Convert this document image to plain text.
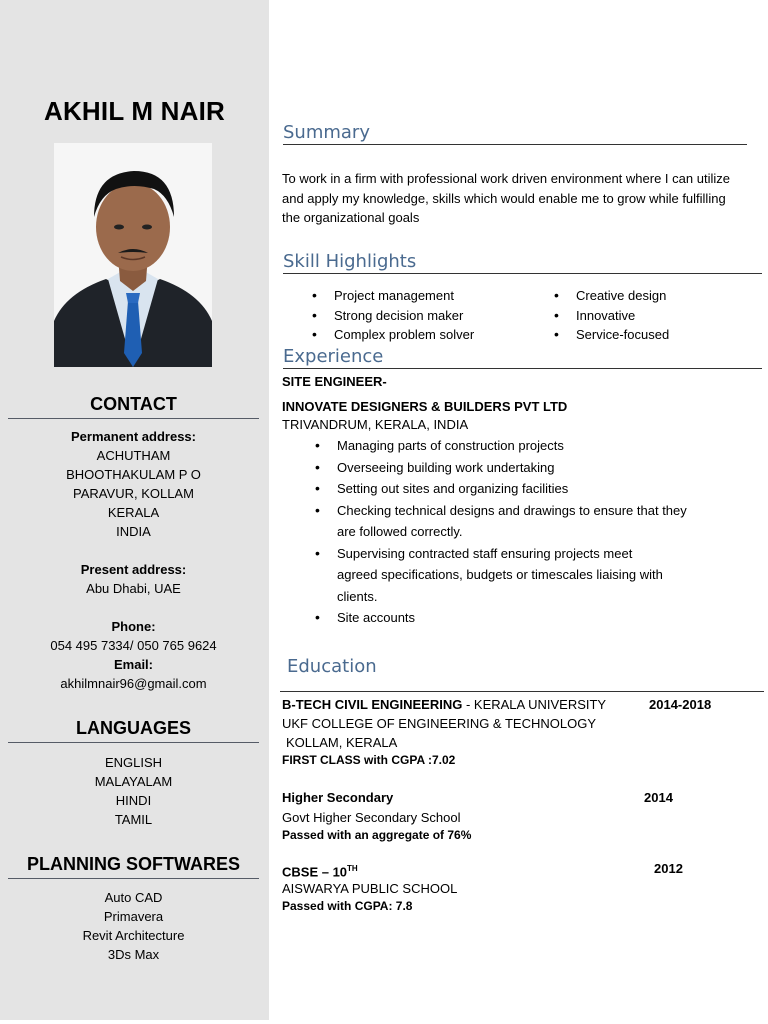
AKHIL M NAIR
CONTACT
Permanent address:
ACHUTHAM
BHOOTHAKULAM P O
PARAVUR, KOLLAM
KERALA
INDIA
Present address:
Abu Dhabi, UAE
Phone:
054 495 7334/ 050 765 9624
Email:
akhilmnair96@gmail.com
LANGUAGES
ENGLISH
MALAYALAM
HINDI
TAMIL
PLANNING SOFTWARES
Auto CAD
Primavera
Revit Architecture
3Ds Max
Summary
To work in a firm with professional work driven environment where I can utilize
and apply my knowledge, skills which would enable me to grow while fulfilling
the organizational goals
Skill Highlights
• Project management
• Strong decision maker
• Complex problem solver
• Creative design
• Innovative
• Service-focused
Experience
SITE ENGINEER-
INNOVATE DESIGNERS & BUILDERS PVT LTD
TRIVANDRUM, KERALA, INDIA
• Managing parts of construction projects
• Overseeing building work undertaking
• Setting out sites and organizing facilities
• Checking technical designs and drawings to ensure that they
are followed correctly.
• Supervising contracted staff ensuring projects meet
agreed specifications, budgets or timescales liaising with
clients.
• Site accounts
Education
B-TECH CIVIL ENGINEERING - KERALA UNIVERSITY	2014-2018
UKF COLLEGE OF ENGINEERING & TECHNOLOGY
KOLLAM, KERALA
FIRST CLASS with CGPA :7.02
Higher Secondary	2014
Govt Higher Secondary School
Passed with an aggregate of 76%
CBSE – 10TH	2012
AISWARYA PUBLIC SCHOOL
Passed with CGPA: 7.8
